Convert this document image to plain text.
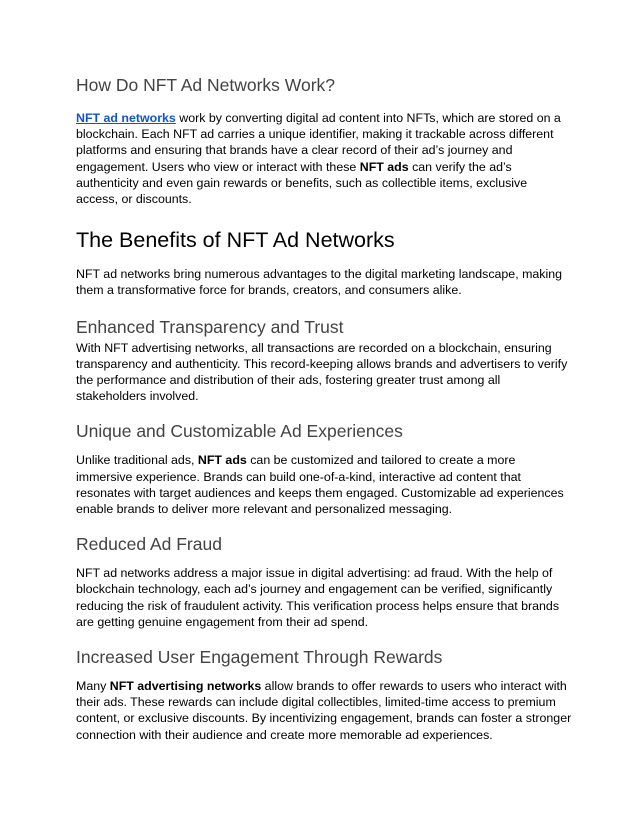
How Do NFT Ad Networks Work?

NFT ad networks work by converting digital ad content into NFTs, which are stored on a blockchain. Each NFT ad carries a unique identifier, making it trackable across different platforms and ensuring that brands have a clear record of their ad’s journey and engagement. Users who view or interact with these NFT ads can verify the ad’s authenticity and even gain rewards or benefits, such as collectible items, exclusive access, or discounts.

The Benefits of NFT Ad Networks

NFT ad networks bring numerous advantages to the digital marketing landscape, making them a transformative force for brands, creators, and consumers alike.

Enhanced Transparency and Trust

With NFT advertising networks, all transactions are recorded on a blockchain, ensuring transparency and authenticity. This record-keeping allows brands and advertisers to verify the performance and distribution of their ads, fostering greater trust among all stakeholders involved.

Unique and Customizable Ad Experiences

Unlike traditional ads, NFT ads can be customized and tailored to create a more immersive experience. Brands can build one-of-a-kind, interactive ad content that resonates with target audiences and keeps them engaged. Customizable ad experiences enable brands to deliver more relevant and personalized messaging.

Reduced Ad Fraud

NFT ad networks address a major issue in digital advertising: ad fraud. With the help of blockchain technology, each ad’s journey and engagement can be verified, significantly reducing the risk of fraudulent activity. This verification process helps ensure that brands are getting genuine engagement from their ad spend.

Increased User Engagement Through Rewards

Many NFT advertising networks allow brands to offer rewards to users who interact with their ads. These rewards can include digital collectibles, limited-time access to premium content, or exclusive discounts. By incentivizing engagement, brands can foster a stronger connection with their audience and create more memorable ad experiences.
